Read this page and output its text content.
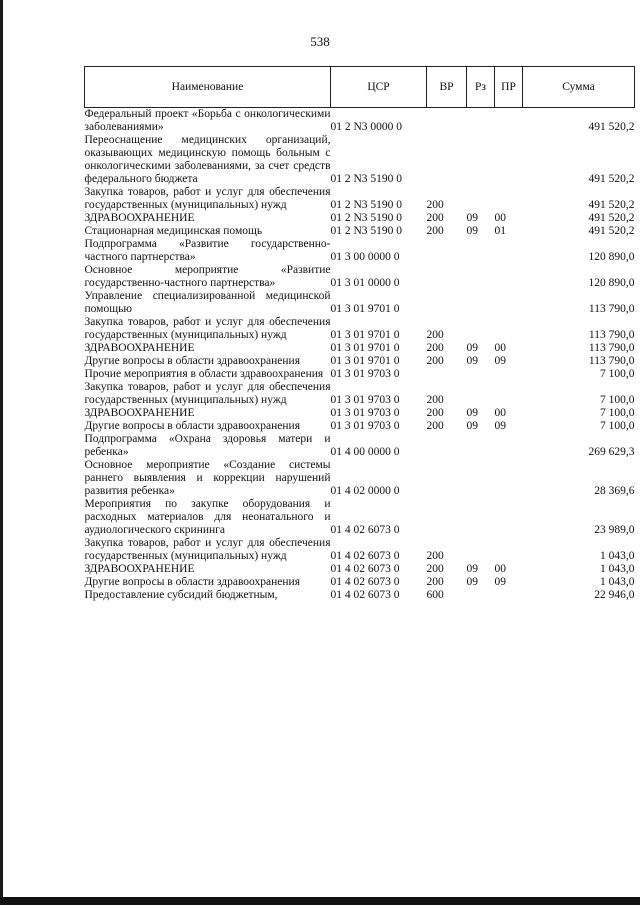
538
Наименование	ЦСР	ВР	Рз	ПР	Сумма
Федеральный проект «Борьба с онкологическими заболеваниями»	01 2 N3 0000 0				491 520,2
Переоснащение медицинских организаций, оказывающих медицинскую помощь больным с онкологическими заболеваниями, за счет средств федерального бюджета	01 2 N3 5190 0				491 520,2
Закупка товаров, работ и услуг для обеспечения государственных (муниципальных) нужд	01 2 N3 5190 0	200			491 520,2
ЗДРАВООХРАНЕНИЕ	01 2 N3 5190 0	200	09	00	491 520,2
Стационарная медицинская помощь	01 2 N3 5190 0	200	09	01	491 520,2
Подпрограмма «Развитие государственно-частного партнерства»	01 3 00 0000 0				120 890,0
Основное мероприятие «Развитие государственно-частного партнерства»	01 3 01 0000 0				120 890,0
Управление специализированной медицинской помощью	01 3 01 9701 0				113 790,0
Закупка товаров, работ и услуг для обеспечения государственных (муниципальных) нужд	01 3 01 9701 0	200			113 790,0
ЗДРАВООХРАНЕНИЕ	01 3 01 9701 0	200	09	00	113 790,0
Другие вопросы в области здравоохранения	01 3 01 9701 0	200	09	09	113 790,0
Прочие мероприятия в области здравоохранения	01 3 01 9703 0				7 100,0
Закупка товаров, работ и услуг для обеспечения государственных (муниципальных) нужд	01 3 01 9703 0	200			7 100,0
ЗДРАВООХРАНЕНИЕ	01 3 01 9703 0	200	09	00	7 100,0
Другие вопросы в области здравоохранения	01 3 01 9703 0	200	09	09	7 100,0
Подпрограмма «Охрана здоровья матери и ребенка»	01 4 00 0000 0				269 629,3
Основное мероприятие «Создание системы раннего выявления и коррекции нарушений развития ребенка»	01 4 02 0000 0				28 369,6
Мероприятия по закупке оборудования и расходных материалов для неонатального и аудиологического скрининга	01 4 02 6073 0				23 989,0
Закупка товаров, работ и услуг для обеспечения государственных (муниципальных) нужд	01 4 02 6073 0	200			1 043,0
ЗДРАВООХРАНЕНИЕ	01 4 02 6073 0	200	09	00	1 043,0
Другие вопросы в области здравоохранения	01 4 02 6073 0	200	09	09	1 043,0
Предоставление субсидий бюджетным,	01 4 02 6073 0	600			22 946,0
